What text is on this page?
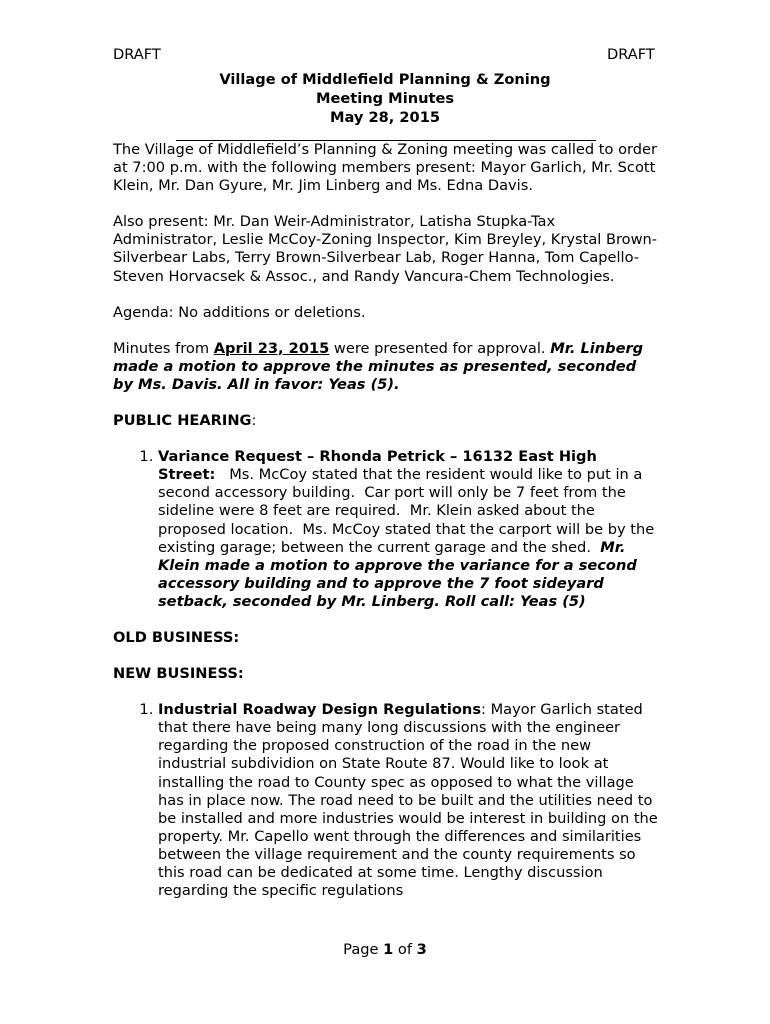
DRAFT	DRAFT
Village of Middlefield Planning & Zoning
Meeting Minutes
May 28, 2015

The Village of Middlefield’s Planning & Zoning meeting was called to order at 7:00 p.m. with the following members present: Mayor Garlich, Mr. Scott Klein, Mr. Dan Gyure, Mr. Jim Linberg and Ms. Edna Davis.

Also present: Mr. Dan Weir-Administrator, Latisha Stupka-Tax Administrator, Leslie McCoy-Zoning Inspector, Kim Breyley, Krystal Brown-Silverbear Labs, Terry Brown-Silverbear Lab, Roger Hanna, Tom Capello-Steven Horvacsek & Assoc., and Randy Vancura-Chem Technologies.

Agenda: No additions or deletions.

Minutes from April 23, 2015 were presented for approval. Mr. Linberg made a motion to approve the minutes as presented, seconded by Ms. Davis. All in favor: Yeas (5).

PUBLIC HEARING:

1. Variance Request – Rhonda Petrick – 16132 East High Street:   Ms. McCoy stated that the resident would like to put in a second accessory building.  Car port will only be 7 feet from the sideline were 8 feet are required.  Mr. Klein asked about the proposed location.  Ms. McCoy stated that the carport will be by the existing garage; between the current garage and the shed.  Mr. Klein made a motion to approve the variance for a second accessory building and to approve the 7 foot sideyard setback, seconded by Mr. Linberg. Roll call: Yeas (5)

OLD BUSINESS:

NEW BUSINESS:

1. Industrial Roadway Design Regulations: Mayor Garlich stated that there have being many long discussions with the engineer regarding the proposed construction of the road in the new industrial subdividion on State Route 87. Would like to look at installing the road to County spec as opposed to what the village has in place now. The road need to be built and the utilities need to be installed and more industries would be interest in building on the property. Mr. Capello went through the differences and similarities between the village requirement and the county requirements so this road can be dedicated at some time. Lengthy discussion regarding the specific regulations
Page 1 of 3
